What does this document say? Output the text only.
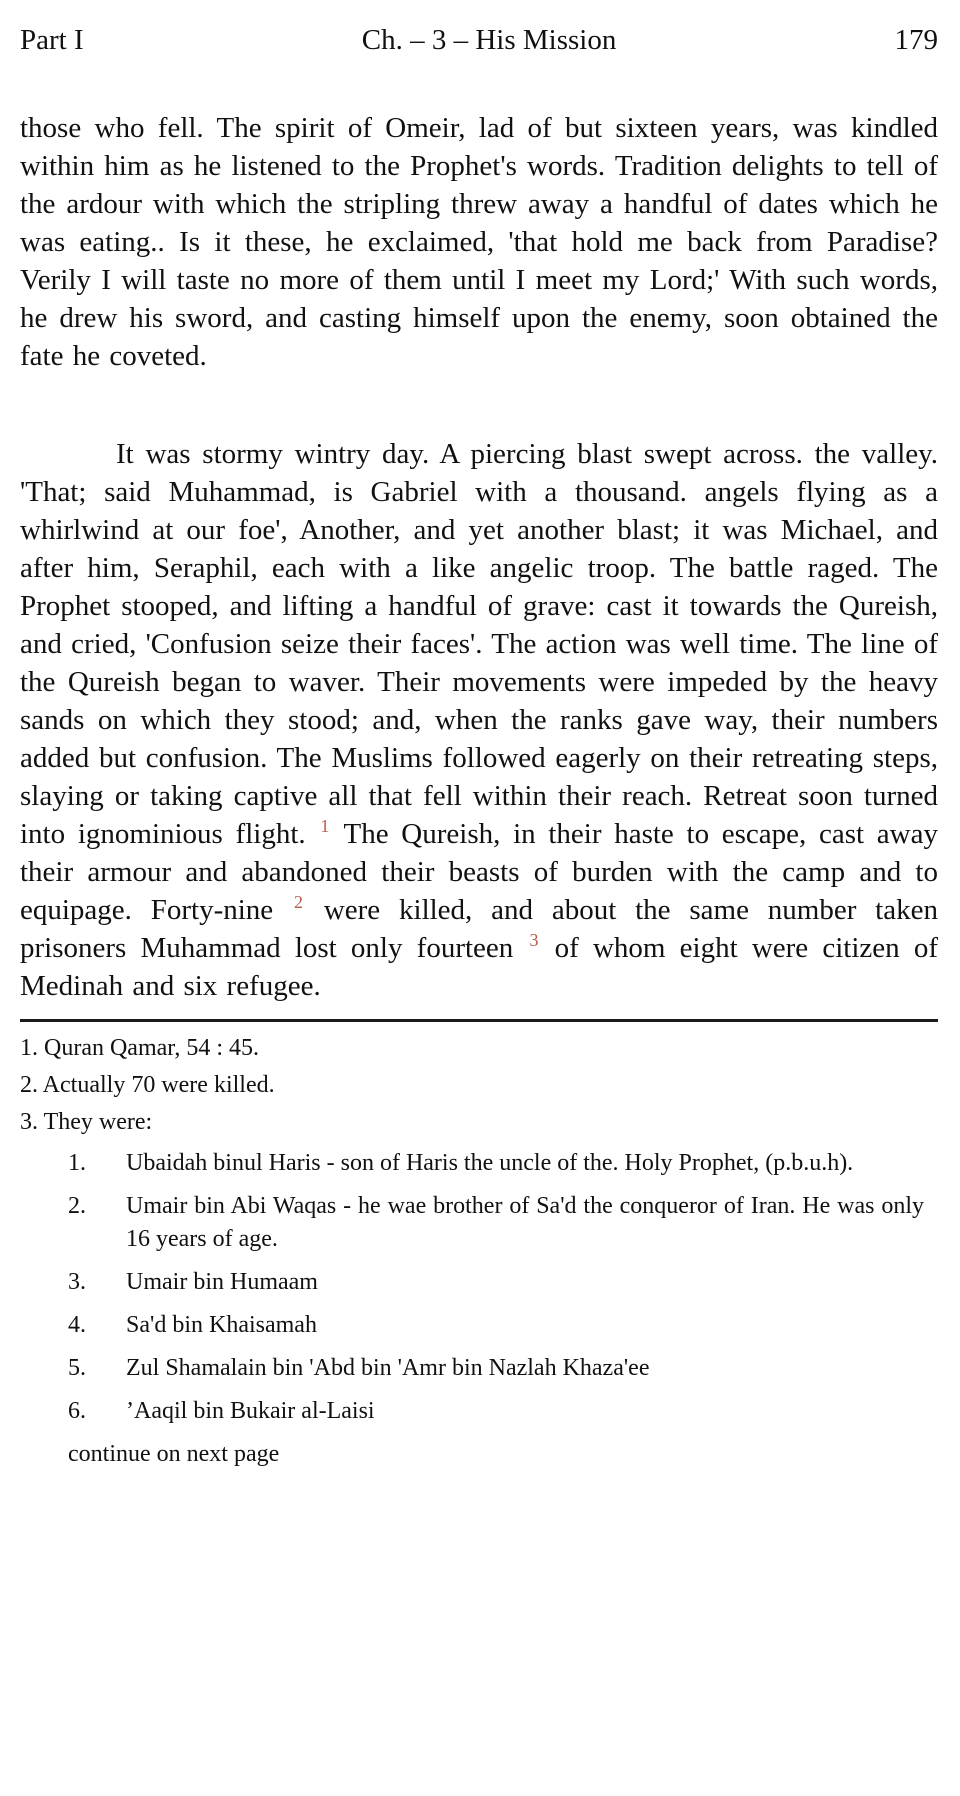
Part I	Ch. – 3 – His Mission	179

those who fell. The spirit of Omeir, lad of but sixteen years, was kindled within him as he listened to the Prophet's words. Tradition delights to tell of the ardour with which the stripling threw away a handful of dates which he was eating.. Is it these, he exclaimed, 'that hold me back from Paradise? Verily I will taste no more of them until I meet my Lord;' With such words, he drew his sword, and casting himself upon the enemy, soon obtained the fate he coveted.

It was stormy wintry day. A piercing blast swept across. the valley. 'That; said Muhammad, is Gabriel with a thousand. angels flying as a whirlwind at our foe', Another, and yet another blast; it was Michael, and after him, Seraphil, each with a like angelic troop. The battle raged. The Prophet stooped, and lifting a handful of grave: cast it towards the Qureish, and cried, 'Confusion seize their faces'. The action was well time. The line of the Qureish began to waver. Their movements were impeded by the heavy sands on which they stood; and, when the ranks gave way, their numbers added but confusion. The Muslims followed eagerly on their retreating steps, slaying or taking captive all that fell within their reach. Retreat soon turned into ignominious flight. $^1$ The Qureish, in their haste to escape, cast away their armour and abandoned their beasts of burden with the camp and to equipage. Forty-nine $^2$ were killed, and about the same number taken prisoners Muhammad lost only fourteen $^3$ of whom eight were citizen of Medinah and six refugee.

1. Quran Qamar, 54 : 45.

2. Actually 70 were killed.

3. They were:

1.	Ubaidah binul Haris - son of Haris the uncle of the. Holy Prophet, (p.b.u.h).
2.	Umair bin Abi Waqas - he wae brother of Sa'd the conqueror of Iran. He was only 16 years of age.
3.	Umair bin Humaam
4.	Sa'd bin Khaisamah
5.	Zul Shamalain bin 'Abd bin 'Amr bin Nazlah Khaza'ee
6.	’Aaqil bin Bukair al-Laisi

continue on next page
